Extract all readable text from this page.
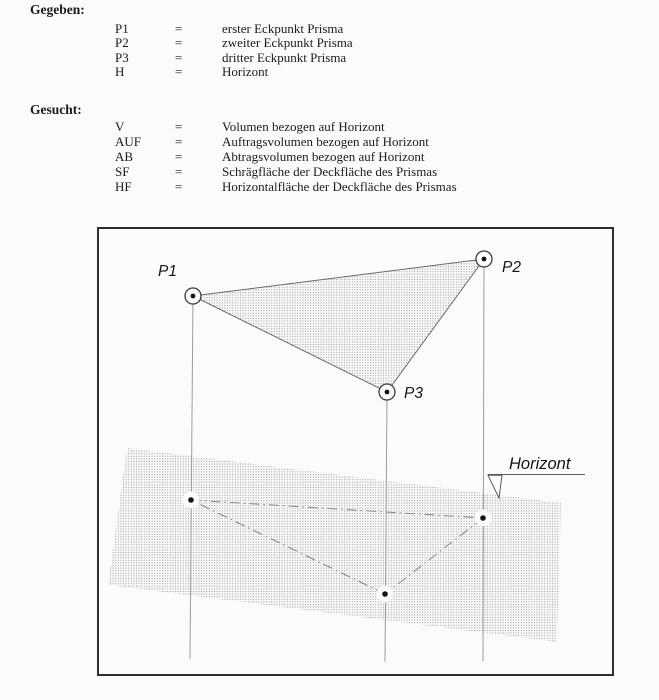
Gegeben:
P1	=	erster Eckpunkt Prisma
P2	=	zweiter Eckpunkt Prisma
P3	=	dritter Eckpunkt Prisma
H	=	Horizont
Gesucht:
V	=	Volumen bezogen auf Horizont
AUF	=	Auftragsvolumen bezogen auf Horizont
AB	=	Abtragsvolumen bezogen auf Horizont
SF	=	Schrägfläche der Deckfläche des Prismas
HF	=	Horizontalfläche der Deckfläche des Prismas
P1	P2
P3
Horizont
